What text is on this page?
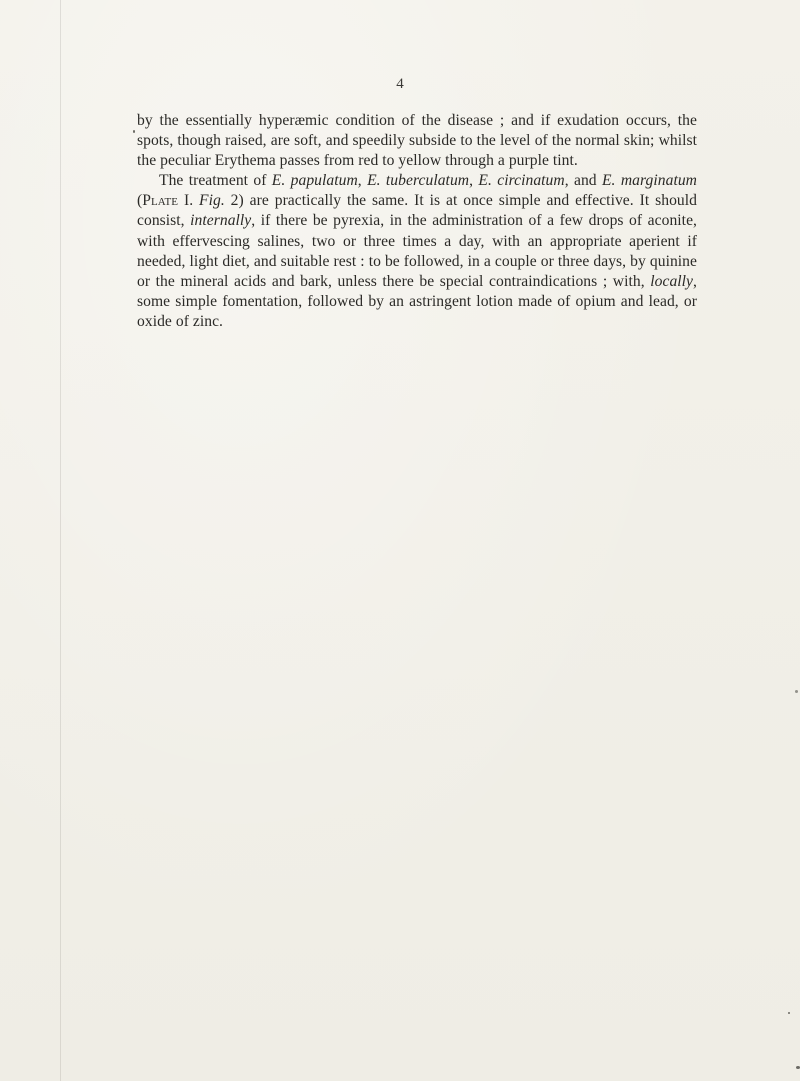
4

by the essentially hyperæmic condition of the disease ; and if exudation occurs, the spots, though raised, are soft, and speedily subside to the level of the normal skin; whilst the peculiar Erythema passes from red to yellow through a purple tint.

The treatment of E. papulatum, E. tuberculatum, E. circinatum, and E. marginatum (Plate I. Fig. 2) are practically the same. It is at once simple and effective. It should consist, internally, if there be pyrexia, in the administration of a few drops of aconite, with effervescing salines, two or three times a day, with an appropriate aperient if needed, light diet, and suitable rest : to be followed, in a couple or three days, by quinine or the mineral acids and bark, unless there be special contraindications ; with, locally, some simple fomentation, followed by an astringent lotion made of opium and lead, or oxide of zinc.
